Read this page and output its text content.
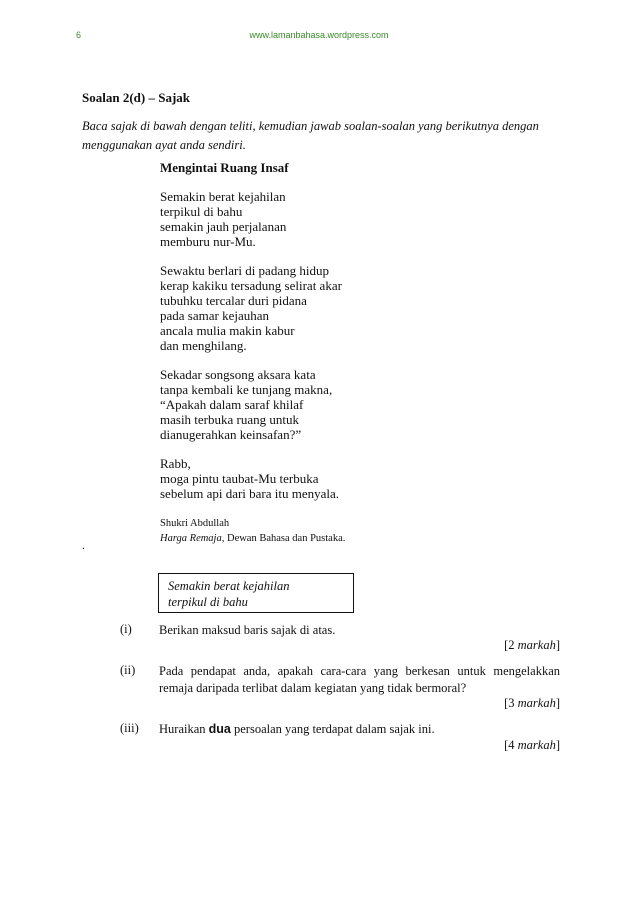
6	www.lamanbahasa.wordpress.com
Soalan 2(d) – Sajak
Baca sajak di bawah dengan teliti, kemudian jawab soalan-soalan yang berikutnya dengan menggunakan ayat anda sendiri.
Mengintai Ruang Insaf
Semakin berat kejahilan
terpikul di bahu
semakin jauh perjalanan
memburu nur-Mu.
Sewaktu berlari di padang hidup
kerap kakiku tersadung selirat akar
tubuhku tercalar duri pidana
pada samar kejauhan
ancala mulia makin kabur
dan menghilang.
Sekadar songsong aksara kata
tanpa kembali ke tunjang makna,
“Apakah dalam saraf khilaf
masih terbuka ruang untuk
dianugerahkan keinsafan?”
Rabb,
moga pintu taubat-Mu terbuka
sebelum api dari bara itu menyala.
Shukri Abdullah
Harga Remaja, Dewan Bahasa dan Pustaka.
.
Semakin berat kejahilan
terpikul di bahu
(i) Berikan maksud baris sajak di atas.
[2 markah]
(ii) Pada pendapat anda, apakah cara-cara yang berkesan untuk mengelakkan remaja daripada terlibat dalam kegiatan yang tidak bermoral?
[3 markah]
(iii) Huraikan dua persoalan yang terdapat dalam sajak ini.
[4 markah]
